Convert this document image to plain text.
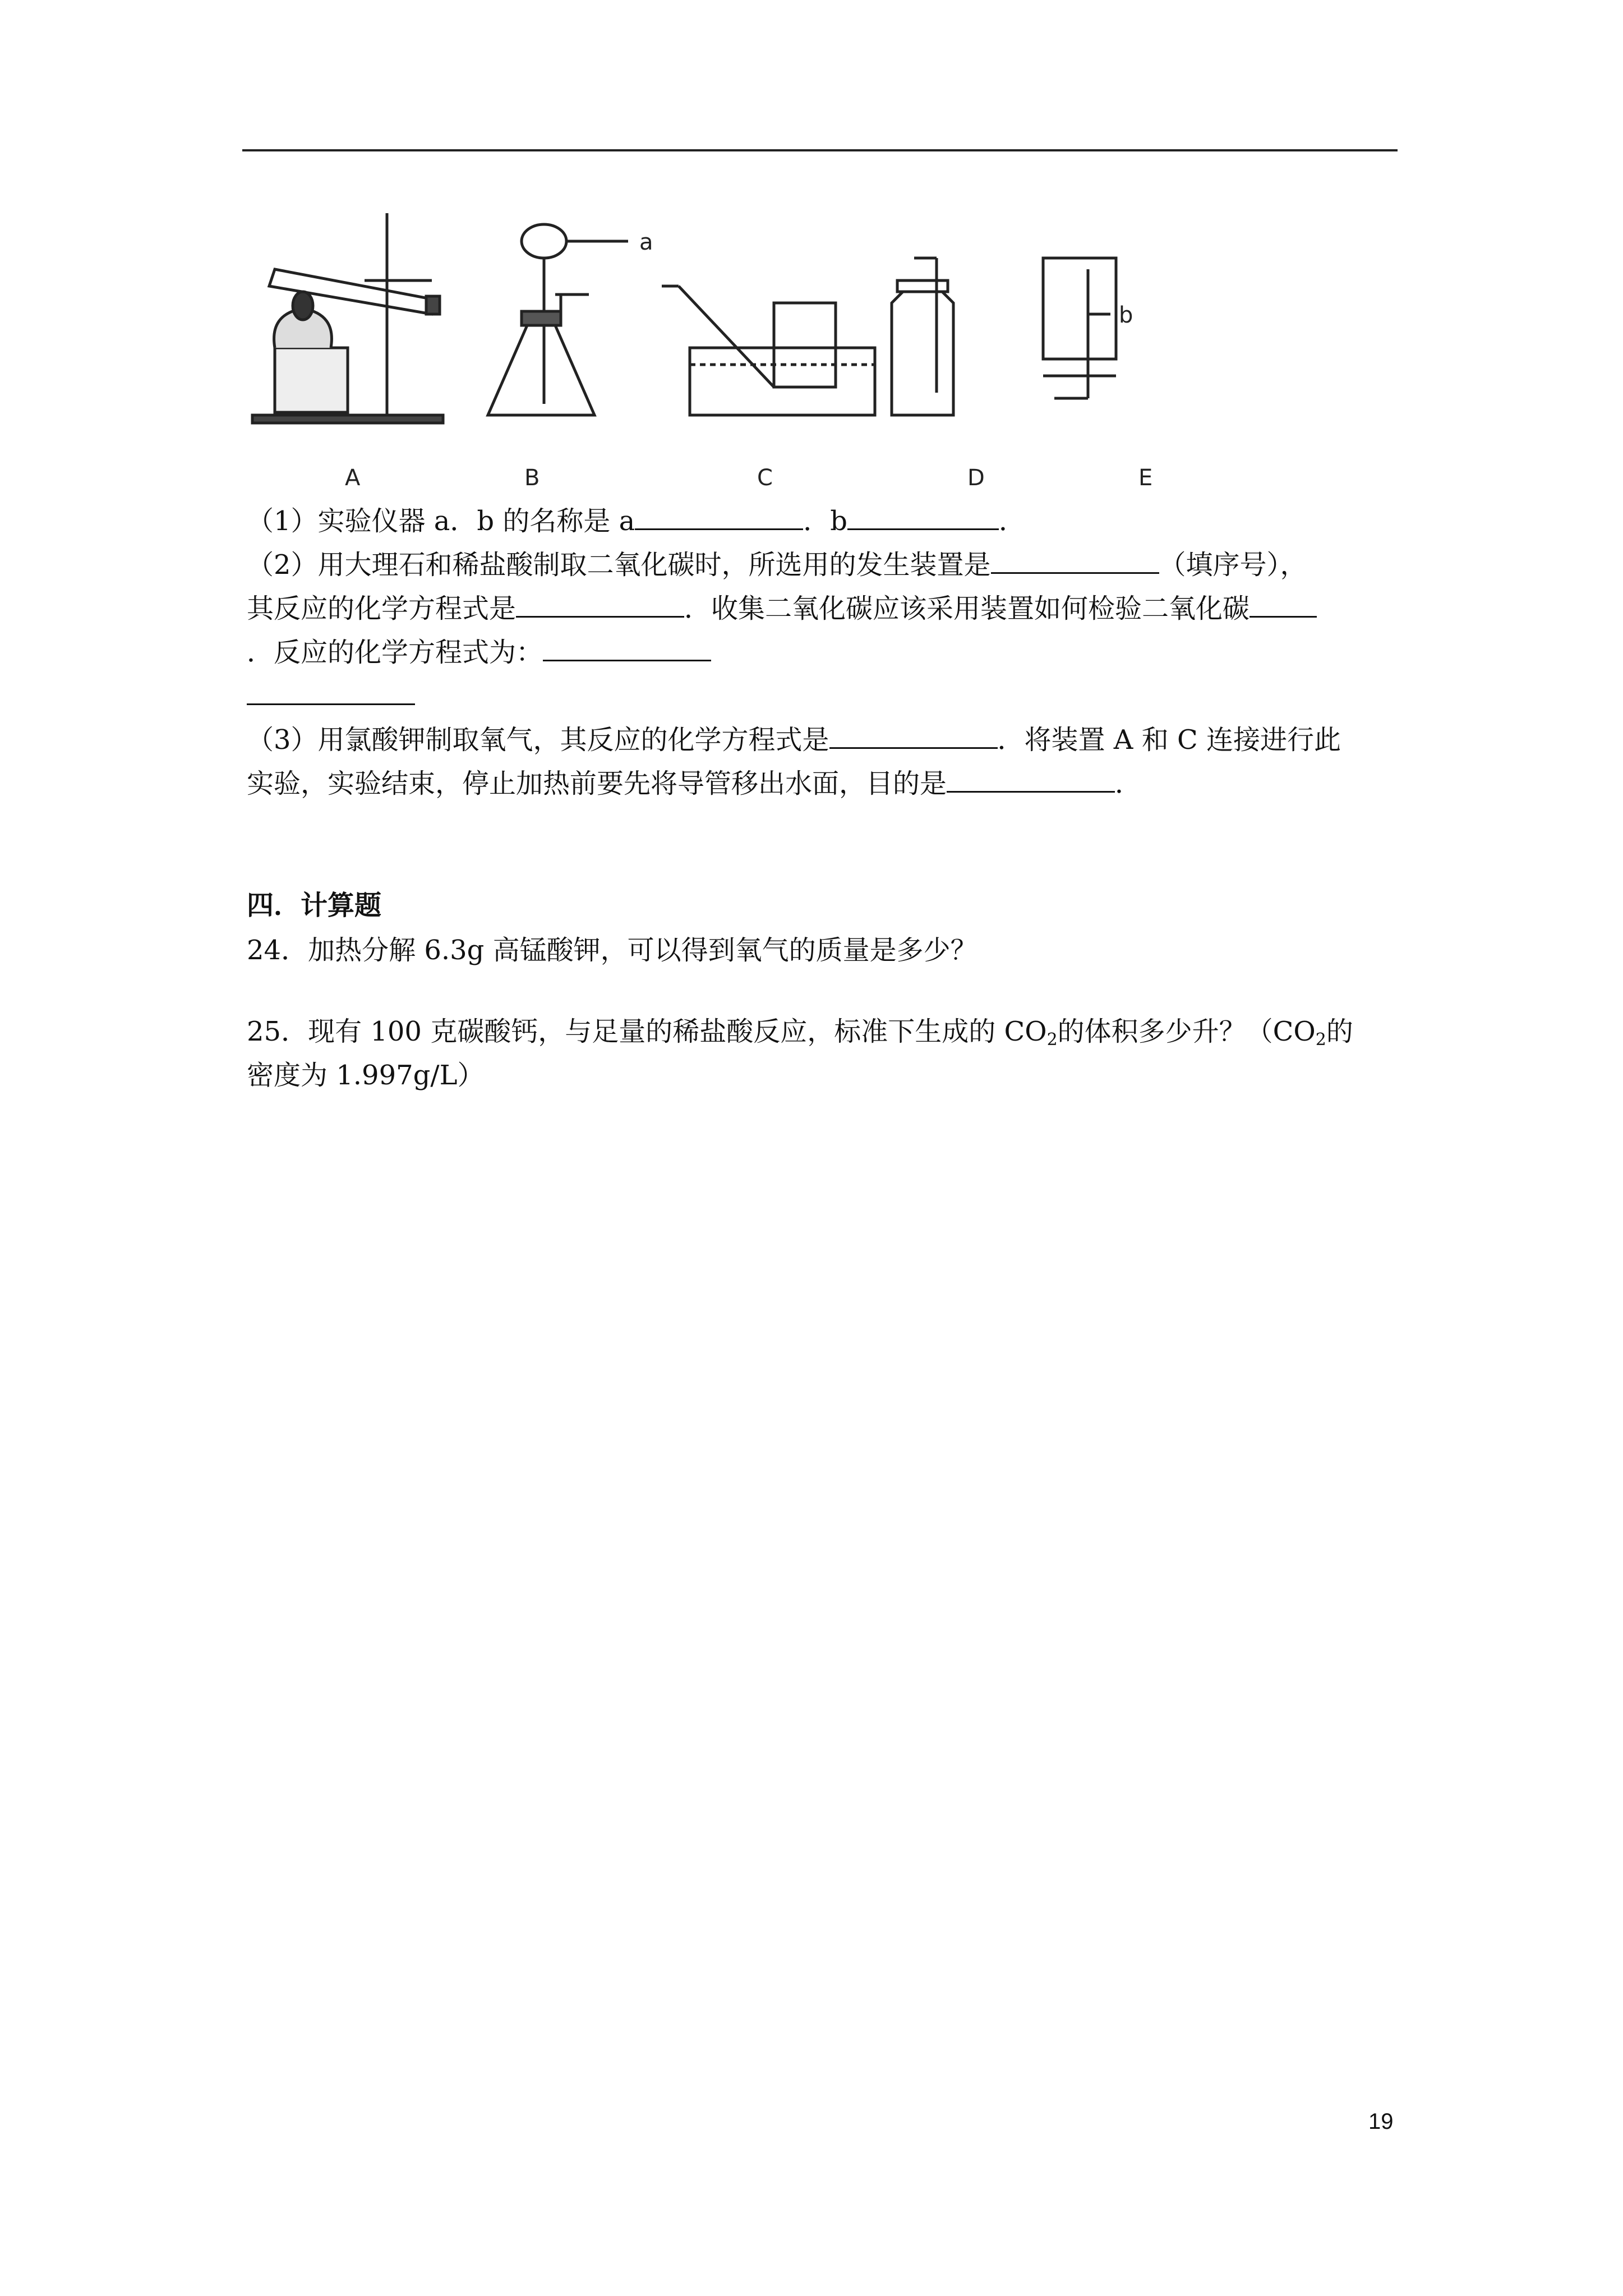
a
b
A	B	C	D	E
（1）实验仪器 a．b 的名称是 a	．b	．
（2）用大理石和稀盐酸制取二氧化碳时，所选用的发生装置是	（填序号），
其反应的化学方程式是	．收集二氧化碳应该采用装置如何检验二氧化碳
．反应的化学方程式为：
（3）用氯酸钾制取氧气，其反应的化学方程式是	．将装置 A 和 C 连接进行此
实验，实验结束，停止加热前要先将导管移出水面，目的是	．
四．计算题
24．加热分解 6.3g 高锰酸钾，可以得到氧气的质量是多少？
25．现有 100 克碳酸钙，与足量的稀盐酸反应，标准下生成的 $CO_2$的体积多少升？（$CO_2$的
密度为 1.997g/L）
19
